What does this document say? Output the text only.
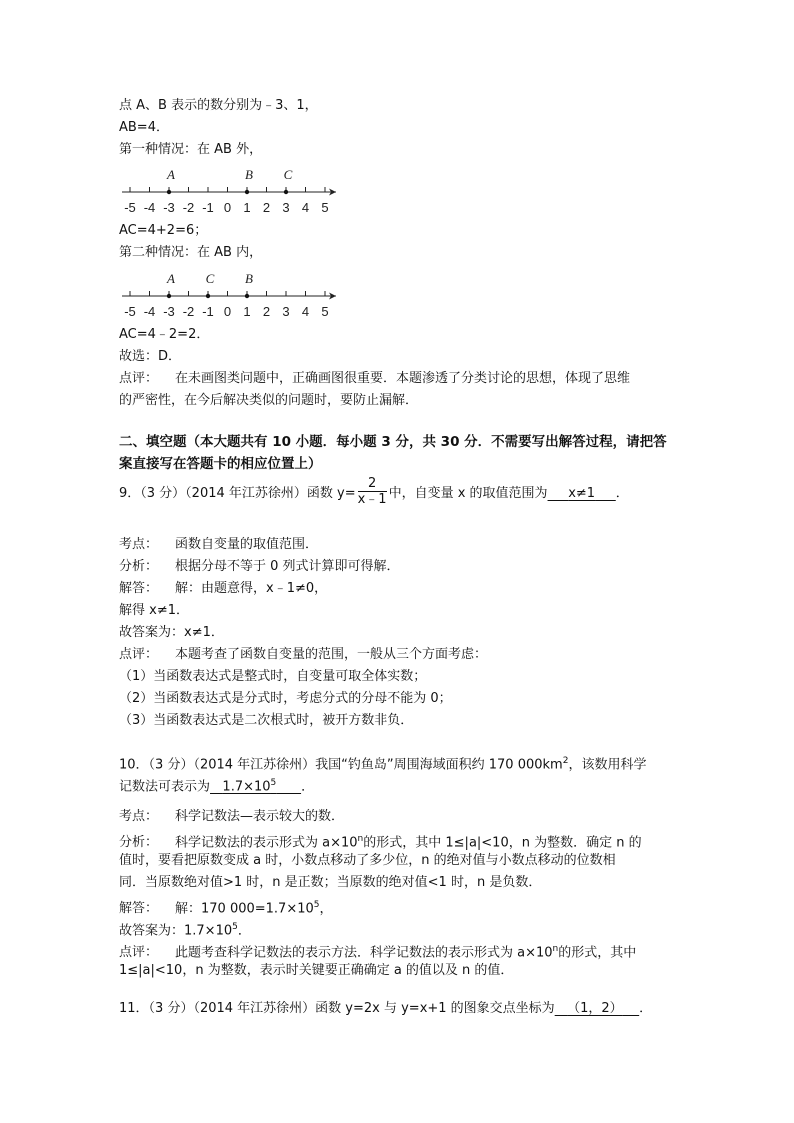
点 A、B 表示的数分别为﹣3、1，
AB=4．
第一种情况：在 AB 外，
-5 -4 -3 -2 -1 0 1 2 3 4 5
A	B C
AC=4+2=6；
第二种情况：在 AB 内，
-5 -4 -3 -2 -1 0 1 2 3 4 5
A C B
AC=4﹣2=2．
故选：D．
点评： 在未画图类问题中，正确画图很重要．本题渗透了分类讨论的思想，体现了思维
的严密性，在今后解决类似的问题时，要防止漏解．
二、填空题（本大题共有 10 小题．每小题 3 分，共 30 分．不需要写出解答过程，请把答
案直接写在答题卡的相应位置上）
9．（3 分）（2014 年江苏徐州）函数 $y= \frac{2}{x﹣1}$ 中，自变量 x 的取值范围为 x≠1 ．
考点： 函数自变量的取值范围．
分析： 根据分母不等于 0 列式计算即可得解．
解答： 解：由题意得，x﹣1≠0，
解得 x≠1．
故答案为：x≠1．
点评： 本题考查了函数自变量的范围，一般从三个方面考虑：
（1）当函数表达式是整式时，自变量可取全体实数；
（2）当函数表达式是分式时，考虑分式的分母不能为 0；
（3）当函数表达式是二次根式时，被开方数非负．
10．（3 分）（2014 年江苏徐州）我国“钓鱼岛”周围海域面积约 170 $000km^2$，该数用科学
记数法可表示为 $1.7\times 10^5$ ．
考点： 科学记数法—表示较大的数．
分析： 科学记数法的表示形式为 $a\times 10^n$的形式，其中 1≤|a|<10，n 为整数．确定 n 的
值时，要看把原数变成 a 时，小数点移动了多少位，n 的绝对值与小数点移动的位数相
同．当原数绝对值>1 时，n 是正数；当原数的绝对值<1 时，n 是负数．
解答： 解：170 $000=1.7\times 10^5$，
故答案为：$1.7\times 10^5$．
点评： 此题考查科学记数法的表示方法．科学记数法的表示形式为 $a\times 10^n$的形式，其中
1≤|a|<10，n 为整数，表示时关键要正确确定 a 的值以及 n 的值．
11．（3 分）（2014 年江苏徐州）函数 y=2x 与 y=x+1 的图象交点坐标为 （1，2） ．
